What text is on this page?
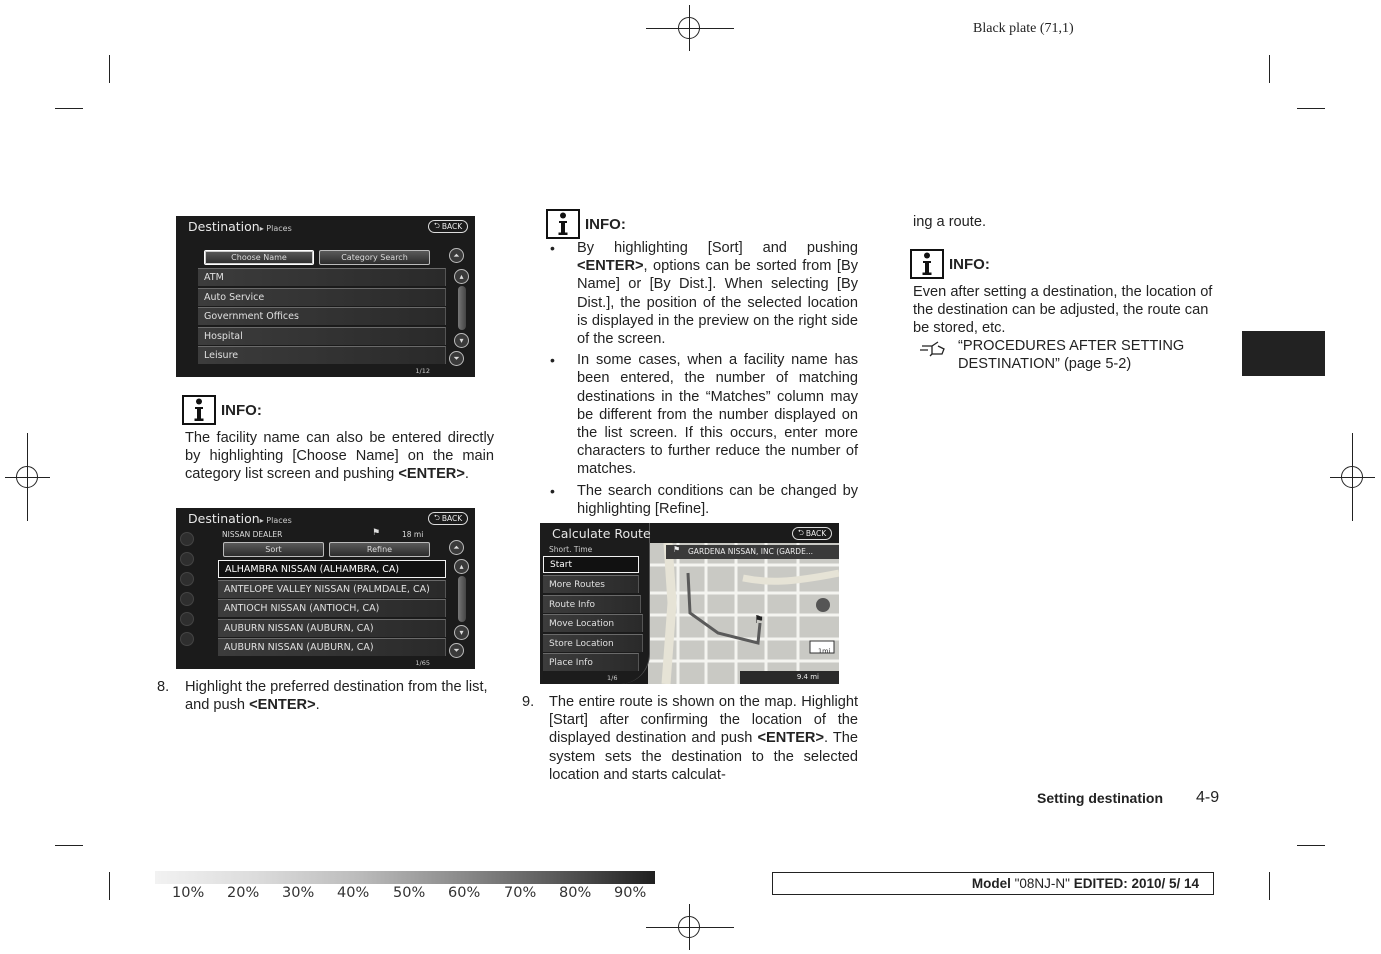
Black plate (71,1)
Destination▸ Places	⮌ BACK
Choose Name	Category Search
ATM
Auto Service
Government Offices
Hospital
Leisure
⏶
▴
▾
⏷
1/12
INFO:
The facility name can also be entered directly by highlighting [Choose Name] on the main category list screen and pushing <ENTER>.
Destination▸ Places	⮌ BACK
NISSAN DEALER	⚑	18 mi
Sort	Refine
ALHAMBRA NISSAN (ALHAMBRA, CA)
ANTELOPE VALLEY NISSAN (PALMDALE, CA)
ANTIOCH NISSAN (ANTIOCH, CA)
AUBURN NISSAN (AUBURN, CA)
AUBURN NISSAN (AUBURN, CA)
⏶
▴
▾
⏷
1/65
8. Highlight the preferred destination from the list, and push <ENTER>.
INFO:
• By highlighting [Sort] and pushing <ENTER>, options can be sorted from [By Name] or [By Dist.]. When selecting [By Dist.], the position of the selected location is displayed in the preview on the right side of the screen.
• In some cases, when a facility name has been entered, the number of matching destinations in the “Matches” column may be different from the number displayed on the list screen. If this occurs, enter more characters to further reduce the number of matches.
• The search conditions can be changed by highlighting [Refine].
GARDENA NISSAN, INC (GARDE...
⚑
⚑
1mi
9.4 mi
Calculate Route	⮌ BACK
Short. Time
Start
More Routes
Route Info
Move Location
Store Location
Place Info
1/6
9. The entire route is shown on the map. Highlight [Start] after confirming the location of the displayed destination and push <ENTER>. The system sets the destination to the selected location and starts calculat-
ing a route.
INFO:
Even after setting a destination, the location of the destination can be adjusted, the route can be stored, etc.
“PROCEDURES AFTER SETTING DESTINATION” (page 5-2)
Setting destination 4-9
10% 20% 30% 40% 50% 60% 70% 80% 90%
Model "08NJ-N" EDITED: 2010/ 5/ 14
